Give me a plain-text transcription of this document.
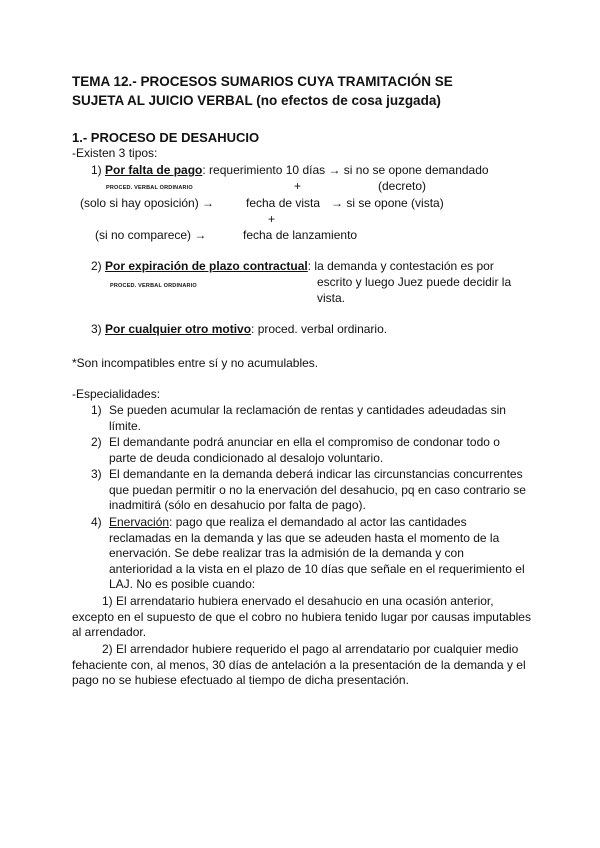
TEMA 12.- PROCESOS SUMARIOS CUYA TRAMITACIÓN SE
SUJETA AL JUICIO VERBAL (no efectos de cosa juzgada)
1.- PROCESO DE DESAHUCIO
-Existen 3 tipos:
1) Por falta de pago: requerimiento 10 días → si no se opone demandado
PROCED. VERBAL ORDINARIO	+	(decreto)
(solo si hay oposición) →	fecha de vista → si se opone (vista)
+
(si no comparece) →	fecha de lanzamiento
2) Por expiración de plazo contractual: la demanda y contestación es por
PROCED. VERBAL ORDINARIO	escrito y luego Juez puede decidir la
vista.
3) Por cualquier otro motivo: proced. verbal ordinario.
*Son incompatibles entre sí y no acumulables.
-Especialidades:
1) Se pueden acumular la reclamación de rentas y cantidades adeudadas sin límite.
2) El demandante podrá anunciar en ella el compromiso de condonar todo o parte de deuda condicionado al desalojo voluntario.
3) El demandante en la demanda deberá indicar las circunstancias concurrentes que puedan permitir o no la enervación del desahucio, pq en caso contrario se inadmitirá (sólo en desahucio por falta de pago).
4) Enervación: pago que realiza el demandado al actor las cantidades reclamadas en la demanda y las que se adeuden hasta el momento de la enervación. Se debe realizar tras la admisión de la demanda y con anterioridad a la vista en el plazo de 10 días que señale en el requerimiento el LAJ. No es posible cuando:
1) El arrendatario hubiera enervado el desahucio en una ocasión anterior, excepto en el supuesto de que el cobro no hubiera tenido lugar por causas imputables al arrendador.
2) El arrendador hubiere requerido el pago al arrendatario por cualquier medio fehaciente con, al menos, 30 días de antelación a la presentación de la demanda y el pago no se hubiese efectuado al tiempo de dicha presentación.
